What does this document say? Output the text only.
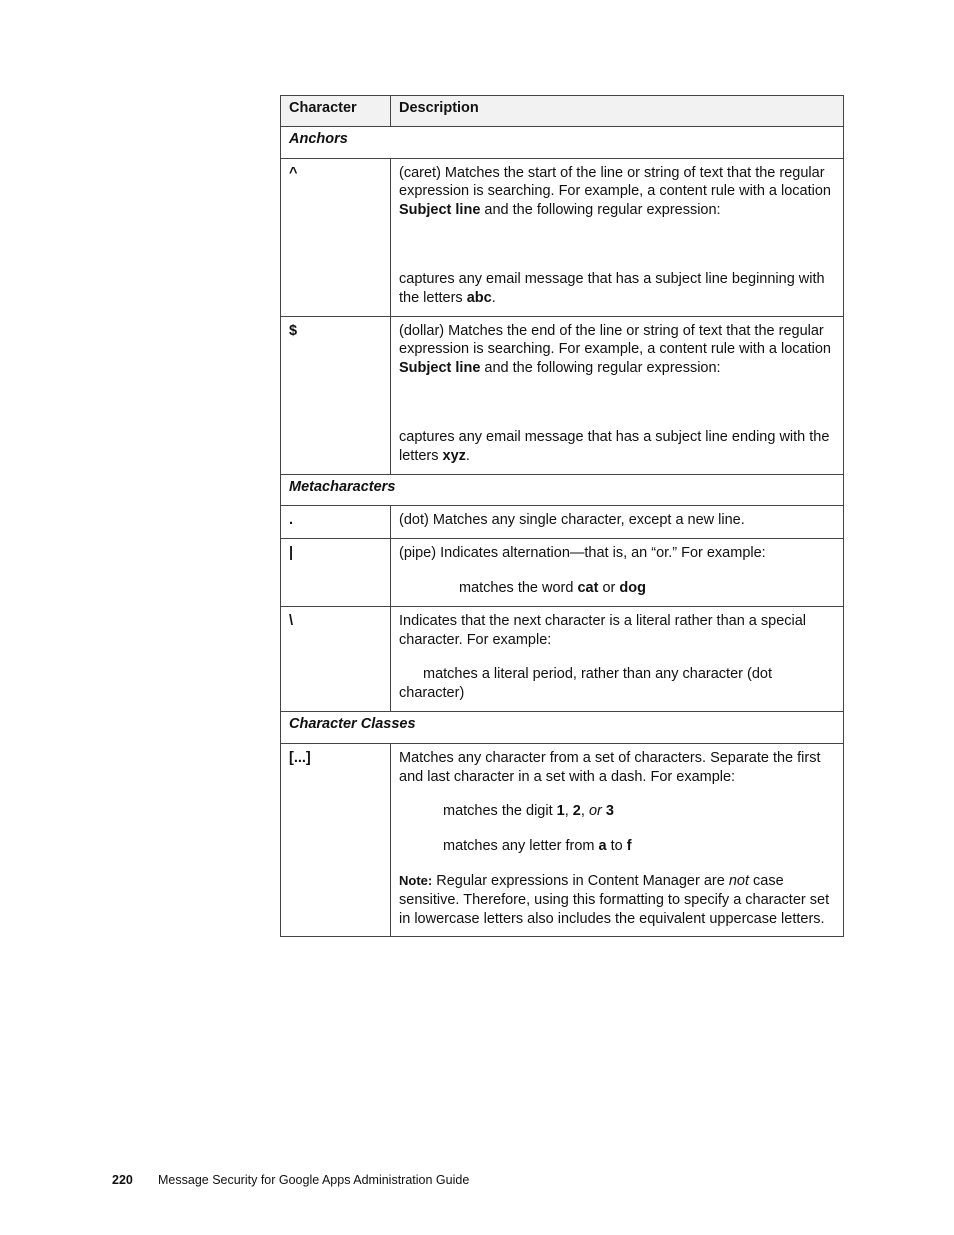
Character	Description

Anchors	

^	(caret) Matches the start of the line or string of text that the regular expression is searching. For example, a content rule with a location Subject line and the following regular expression:

captures any email message that has a subject line beginning with the letters abc.

$	(dollar) Matches the end of the line or string of text that the regular expression is searching. For example, a content rule with a location Subject line and the following regular expression:

captures any email message that has a subject line ending with the letters xyz.

Metacharacters	

.	(dot) Matches any single character, except a new line.

|	(pipe) Indicates alternation—that is, an “or.” For example:

matches the word cat or dog

\	Indicates that the next character is a literal rather than a special character. For example:

matches a literal period, rather than any character (dot character)

Character Classes	

[...]	Matches any character from a set of characters. Separate the first and last character in a set with a dash. For example:

matches the digit 1, 2, or 3

matches any letter from a to f

Note: Regular expressions in Content Manager are not case sensitive. Therefore, using this formatting to specify a character set in lowercase letters also includes the equivalent uppercase letters.

220 Message Security for Google Apps Administration Guide
